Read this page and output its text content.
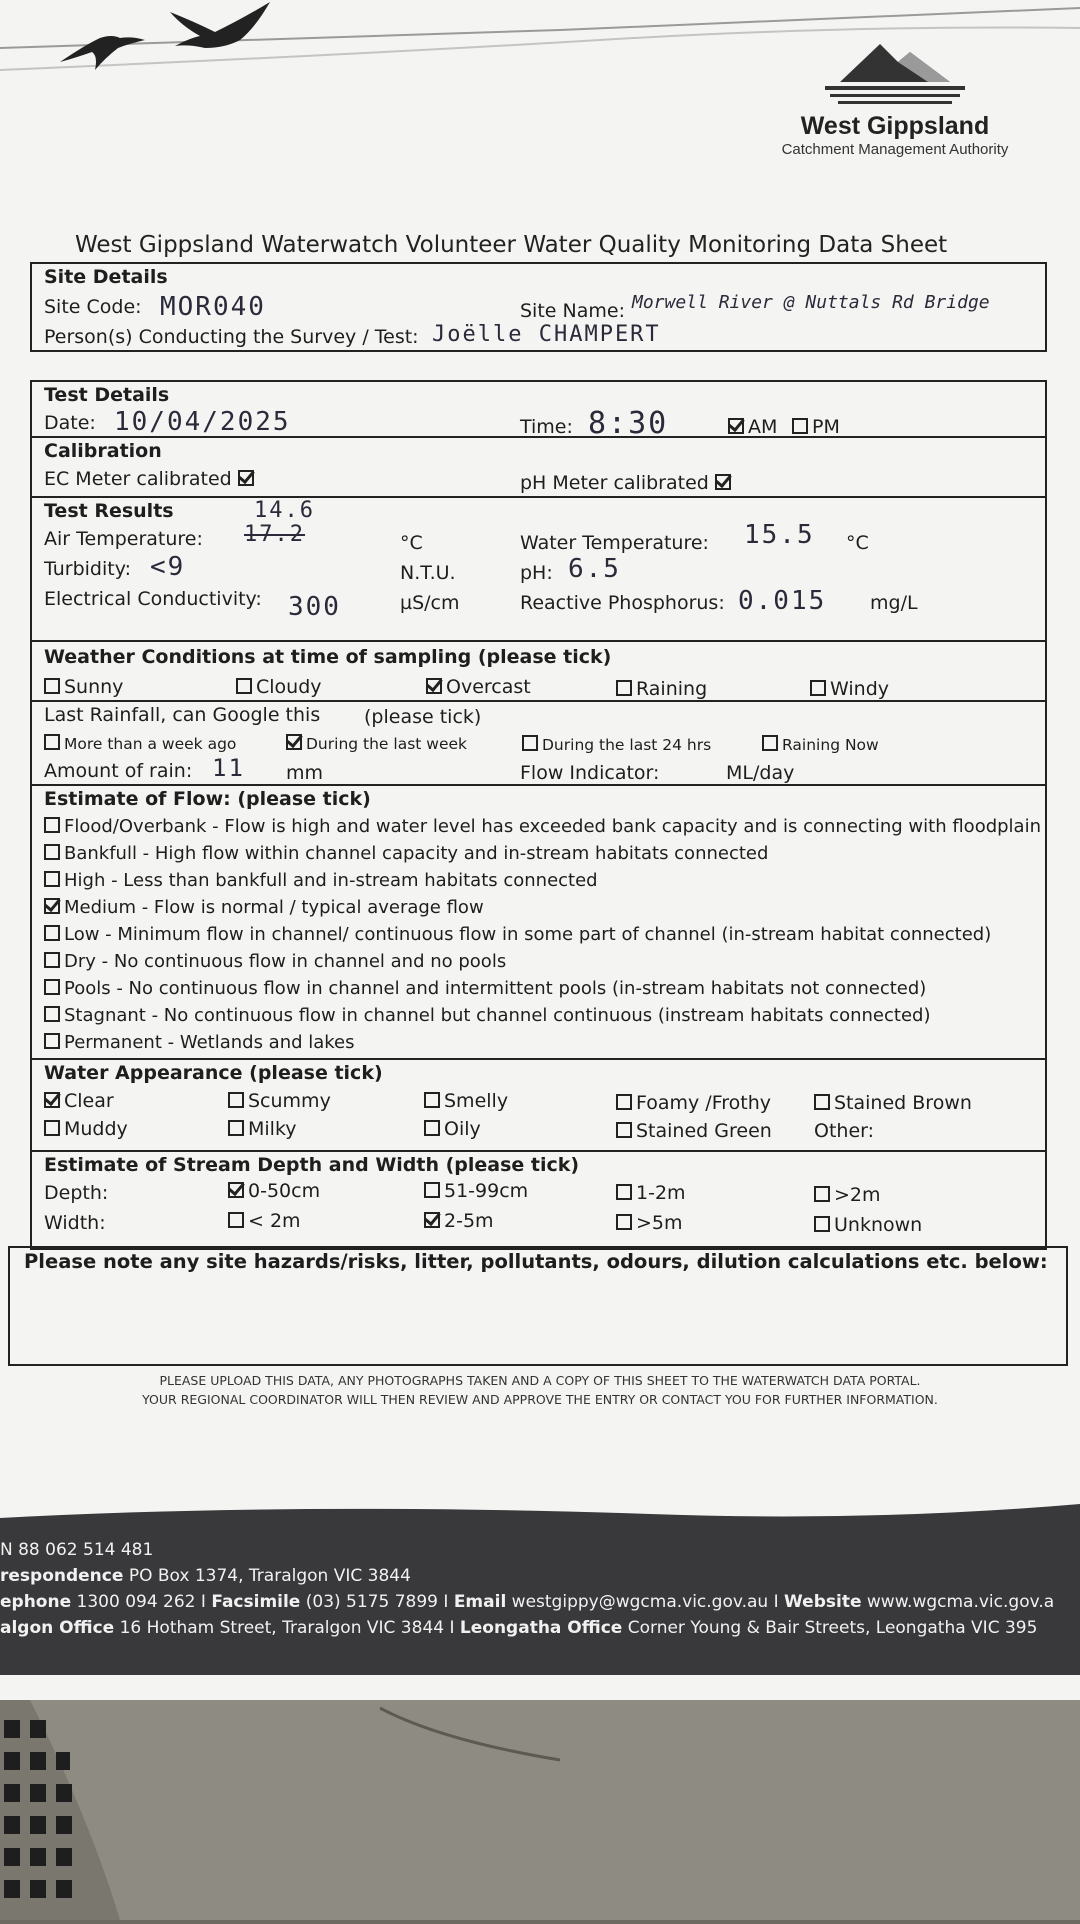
West Gippsland
Catchment Management Authority
West Gippsland Waterwatch Volunteer Water Quality Monitoring Data Sheet
Site Details
Site Code: MOR040	Site Name: Morwell River @ Nuttals Rd Bridge
Person(s) Conducting the Survey / Test: Joëlle CHAMPERT
Test Details
Date: 10/04/2025	Time: 8:30	AM	PM
Calibration
EC Meter calibrated	pH Meter calibrated
Test Results	14.6
Air Temperature: 17.2	°C	Water Temperature: 15.5 °C
Turbidity: <9	N.T.U.	pH: 6.5
Electrical Conductivity: 300	µS/cm	Reactive Phosphorus: 0.015 mg/L
Weather Conditions at time of sampling (please tick)
Sunny	Cloudy	Overcast	Raining	Windy
Last Rainfall, can Google this (please tick)
More than a week ago	During the last week	During the last 24 hrs	Raining Now
Amount of rain: 11 mm	Flow Indicator:	ML/day
Estimate of Flow: (please tick)
Flood/Overbank - Flow is high and water level has exceeded bank capacity and is connecting with floodplain
Bankfull - High flow within channel capacity and in-stream habitats connected
High - Less than bankfull and in-stream habitats connected
Medium - Flow is normal / typical average flow
Low - Minimum flow in channel/ continuous flow in some part of channel (in-stream habitat connected)
Dry - No continuous flow in channel and no pools
Pools - No continuous flow in channel and intermittent pools (in-stream habitats not connected)
Stagnant - No continuous flow in channel but channel continuous (instream habitats connected)
Permanent - Wetlands and lakes
Water Appearance (please tick)
Clear	Scummy	Smelly	Foamy /Frothy	Stained Brown
Muddy	Milky	Oily	Stained Green Other:
Estimate of Stream Depth and Width (please tick)
Depth:	0-50cm	51-99cm	1-2m	>2m
Width:	< 2m	2-5m	>5m	Unknown
Please note any site hazards/risks, litter, pollutants, odours, dilution calculations etc. below:
PLEASE UPLOAD THIS DATA, ANY PHOTOGRAPHS TAKEN AND A COPY OF THIS SHEET TO THE WATERWATCH DATA PORTAL.
YOUR REGIONAL COORDINATOR WILL THEN REVIEW AND APPROVE THE ENTRY OR CONTACT YOU FOR FURTHER INFORMATION.
N 88 062 514 481
respondence PO Box 1374, Traralgon VIC 3844
ephone 1300 094 262 I Facsimile (03) 5175 7899 I Email westgippy@wgcma.vic.gov.au I Website www.wgcma.vic.gov.a
algon Office 16 Hotham Street, Traralgon VIC 3844 I Leongatha Office Corner Young & Bair Streets, Leongatha VIC 395
